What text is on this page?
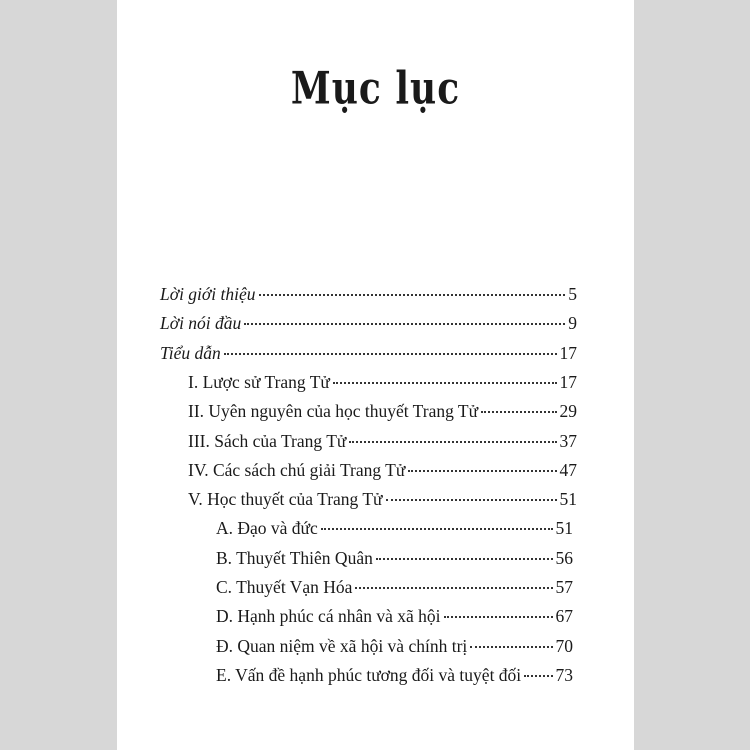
Mục lục
Lời giới thiệu	5
Lời nói đầu	9
Tiểu dẫn	17
I. Lược sử Trang Tử	17
II. Uyên nguyên của học thuyết Trang Tử	29
III. Sách của Trang Tử	37
IV. Các sách chú giải Trang Tử	47
V. Học thuyết của Trang Tử	51
A. Đạo và đức	51
B. Thuyết Thiên Quân	56
C. Thuyết Vạn Hóa	57
D. Hạnh phúc cá nhân và xã hội	67
Đ. Quan niệm về xã hội và chính trị	70
E. Vấn đề hạnh phúc tương đối và tuyệt đối 73
